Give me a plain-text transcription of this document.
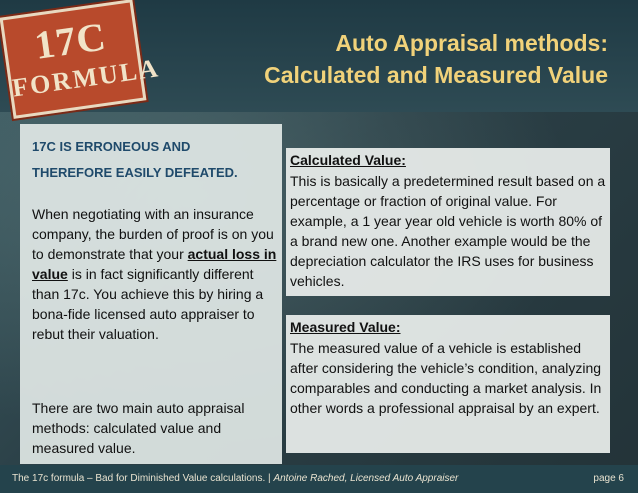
17C
FORMULA
Auto Appraisal methods:
Calculated and Measured Value
17C IS ERRONEOUS AND
THEREFORE EASILY DEFEATED.
When negotiating with an insurance company, the burden of proof is on you to demonstrate that your actual loss in value is in fact significantly different than 17c. You achieve this by hiring a bona-fide licensed auto appraiser to rebut their valuation.
There are two main auto appraisal methods: calculated value and measured value.
Calculated Value:
This is basically a predetermined result based on a percentage or fraction of original value. For example, a 1 year year old vehicle is worth 80% of a brand new one. Another example would be the depreciation calculator the IRS uses for business vehicles.
Measured Value:
The measured value of a vehicle is established after considering the vehicle’s condition, analyzing comparables and conducting a market analysis. In other words a professional appraisal by an expert.
The 17c formula – Bad for Diminished Value calculations. | Antoine Rached, Licensed Auto Appraiser	page 6
